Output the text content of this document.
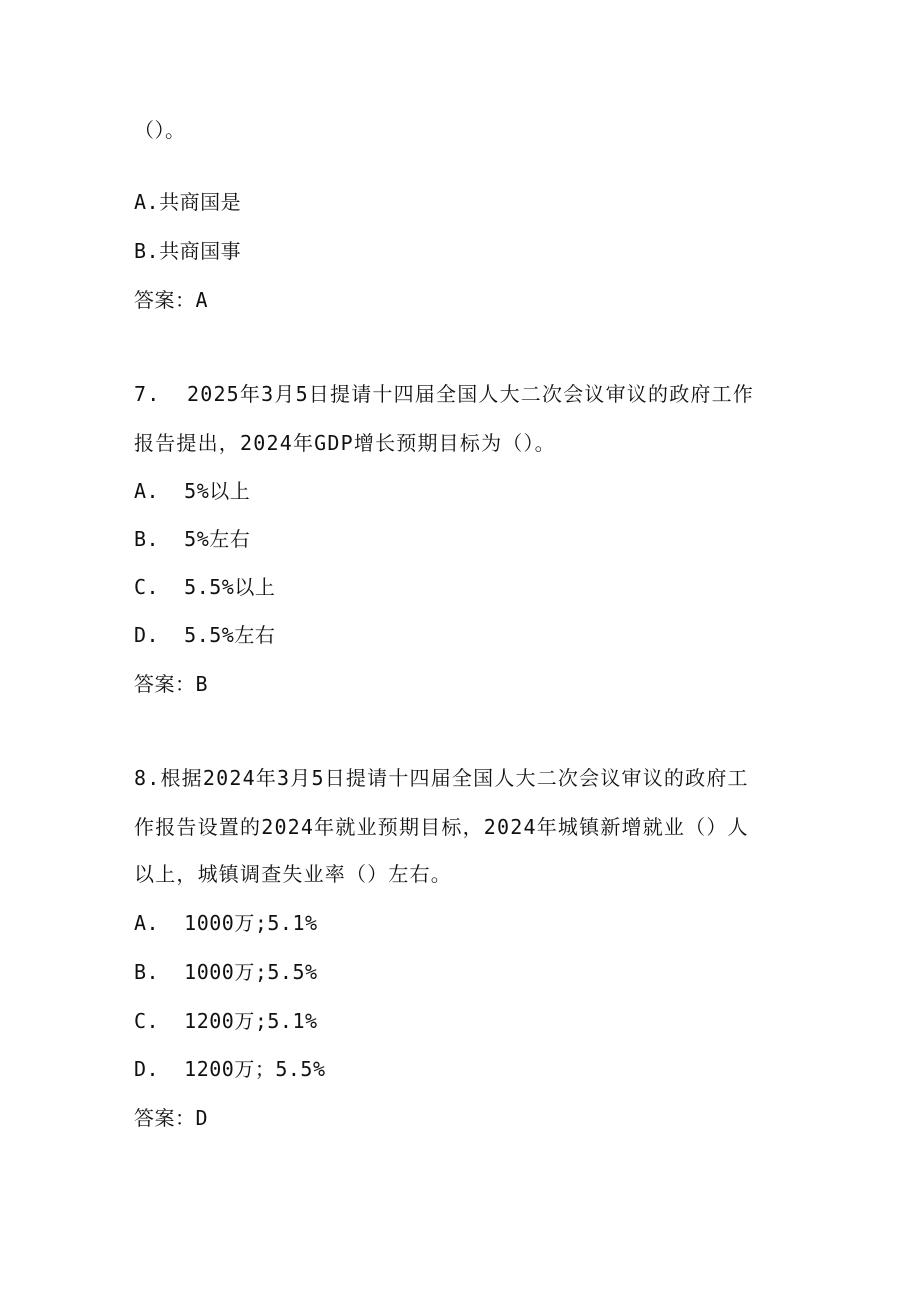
（）。
A.共商国是
B.共商国事
答案：A
7.  2025年3月5日提请十四届全国人大二次会议审议的政府工作
报告提出，2024年GDP增长预期目标为（）。
A.  5%以上
B.  5%左右
C.  5.5%以上
D.  5.5%左右
答案：B
8.根据2024年3月5日提请十四届全国人大二次会议审议的政府工
作报告设置的2024年就业预期目标，2024年城镇新增就业（）人
以上，城镇调查失业率（）左右。
A.  1000万;5.1%
B.  1000万;5.5%
C.  1200万;5.1%
D.  1200万；5.5%
答案：D
